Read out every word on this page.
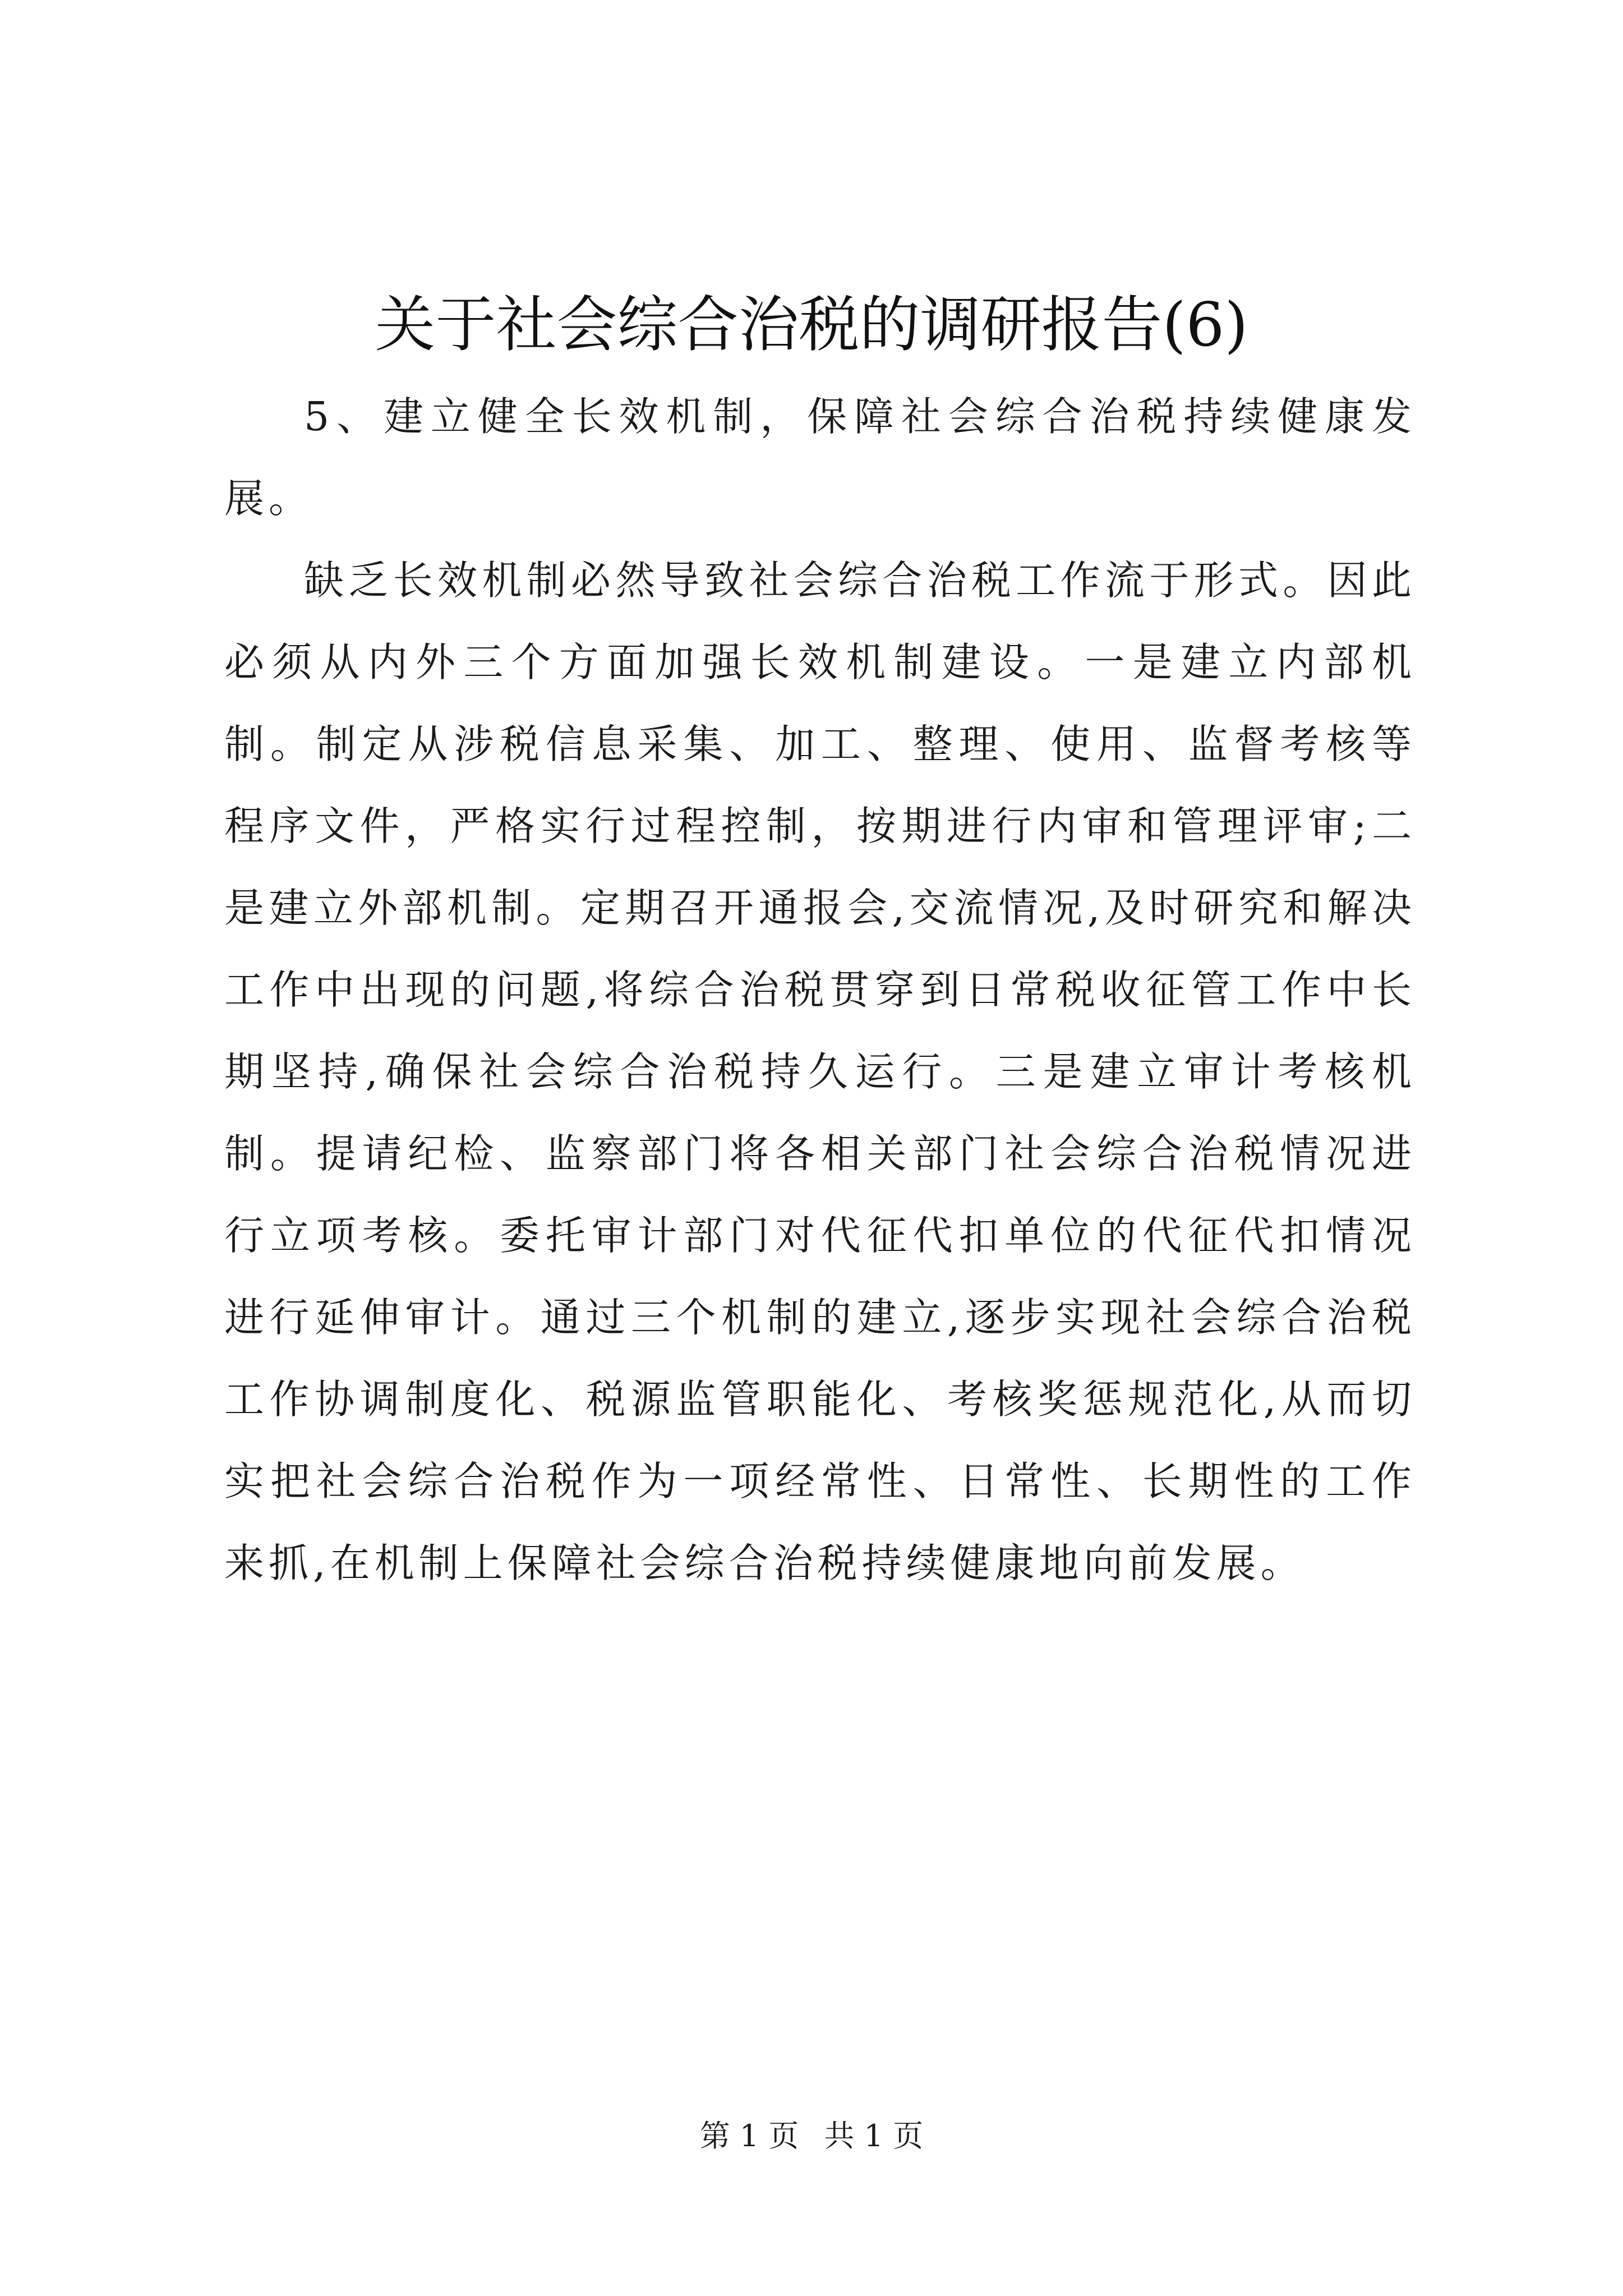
关于社会综合治税的调研报告(6)

5、建立健全长效机制，保障社会综合治税持续健康发展。

缺乏长效机制必然导致社会综合治税工作流于形式。因此必须从内外三个方面加强长效机制建设。一是建立内部机制。制定从涉税信息采集、加工、整理、使用、监督考核等程序文件，严格实行过程控制，按期进行内审和管理评审;二是建立外部机制。定期召开通报会,交流情况,及时研究和解决工作中出现的问题,将综合治税贯穿到日常税收征管工作中长期坚持,确保社会综合治税持久运行。三是建立审计考核机制。提请纪检、监察部门将各相关部门社会综合治税情况进行立项考核。委托审计部门对代征代扣单位的代征代扣情况进行延伸审计。通过三个机制的建立,逐步实现社会综合治税工作协调制度化、税源监管职能化、考核奖惩规范化,从而切实把社会综合治税作为一项经常性、日常性、长期性的工作来抓,在机制上保障社会综合治税持续健康地向前发展。

第 1 页 共 1 页
